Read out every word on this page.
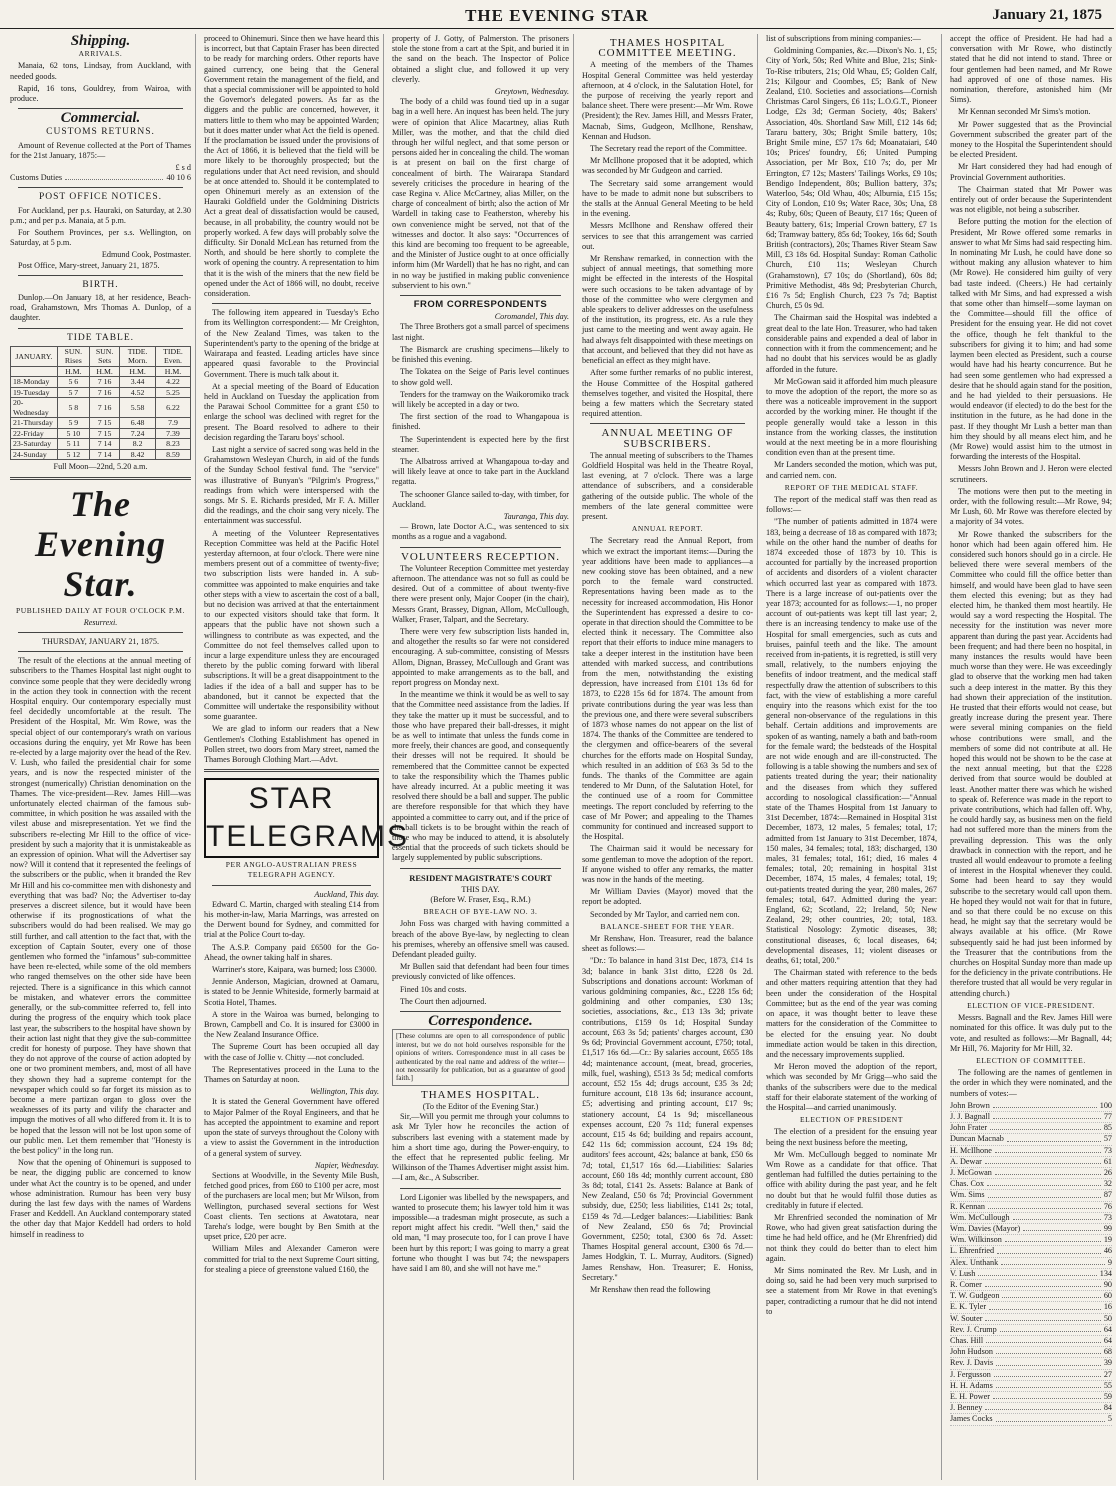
THE EVENING STAR	January 21, 1875
Shipping.
ARRIVALS.

Manaia, 62 tons, Lindsay, from Auckland, with needed goods.

Rapid, 16 tons, Gouldrey, from Wairoa, with produce.

Commercial.
CUSTOMS RETURNS.

Amount of Revenue collected at the Port of Thames for the 21st January, 1875:—

£ s d
Customs Duties	40 10 6
POST OFFICE NOTICES.

For Auckland, per p.s. Hauraki, on Saturday, at 2.30 p.m.; and per p.s. Manaia, at 5 p.m.

For Southern Provinces, per s.s. Wellington, on Saturday, at 5 p.m.

Edmund Cook, Postmaster.

Post Office, Mary-street, January 21, 1875.

BIRTH.

Dunlop.—On January 18, at her residence, Beach-road, Grahamstown, Mrs Thomas A. Dunlop, of a daughter.

TIDE TABLE.
JANUARY.	SUN. Rises	SUN. Sets	TIDE. Morn.	TIDE. Even.
	H.M.	H.M.	H.M.	H.M.
18-Monday	5 6	7 16	3.44	4.22
19-Tuesday	5 7	7 16	4.52	5.25
20-Wednesday	5 8	7 16	5.58	6.22
21-Thursday	5 9	7 15	6.48	7.9
22-Friday	5 10	7 15	7.24	7.39
23-Saturday	5 11	7 14	8.2	8.23
24-Sunday	5 12	7 14	8.42	8.59
Full Moon—22nd, 5.20 a.m.
The Evening Star.
PUBLISHED DAILY AT FOUR O'CLOCK P.M.
Resurrexi.
THURSDAY, JANUARY 21, 1875.

The result of the elections at the annual meeting of subscribers to the Thames Hospital last night ought to convince some people that they were decidedly wrong in the action they took in connection with the recent Hospital enquiry. Our contemporary especially must feel decidedly uncomfortable at the result. The President of the Hospital, Mr. Wm Rowe, was the special object of our contemporary's wrath on various occasions during the enquiry, yet Mr Rowe has been re-elected by a large majority over the head of the Rev. V. Lush, who failed the presidential chair for some years, and is now the respected minister of the strongest (numerically) Christian denomination on the Thames. The vice-president—Rev. James Hill—was unfortunately elected chairman of the famous sub-committee, in which position he was assailed with the vilest abuse and misrepresentation. Yet we find the subscribers re-electing Mr Hill to the office of vice-president by such a majority that it is unmistakeable as an expression of opinion. What will the Advertiser say now? Will it contend that it represented the feelings of the subscribers or the public, when it branded the Rev Mr Hill and his co-committee men with dishonesty and everything that was bad? No; the Advertiser to-day preserves a discreet silence, but it would have been otherwise if its prognostications of what the subscribers would do had been realised. We may go still further, and call attention to the fact that, with the exception of Captain Souter, every one of those gentlemen who formed the "infamous" sub-committee have been re-elected, while some of the old members who ranged themselves on the other side have been rejected. There is a significance in this which cannot be mistaken, and whatever errors the committee generally, or the sub-committee referred to, fell into during the progress of the enquiry which took place last year, the subscribers to the hospital have shown by their action last night that they give the sub-committee credit for honesty of purpose. They have shown that they do not approve of the course of action adopted by one or two prominent members, and, most of all have they shown they had a supreme contempt for the newspaper which could so far forget its mission as to become a mere partizan organ to gloss over the weaknesses of its party and vilify the character and impugn the motives of all who differed from it. It is to be hoped that the lesson will not be lost upon some of our public men. Let them remember that "Honesty is the best policy" in the long run.

Now that the opening of Ohinemuri is supposed to be near, the digging public are concerned to know under what Act the country is to be opened, and under whose administration. Rumour has been very busy during the last few days with the names of Wardens Fraser and Keddell. An Auckland contemporary stated the other day that Major Keddell had orders to hold himself in readiness to

proceed to Ohinemuri. Since then we have heard this is incorrect, but that Captain Fraser has been directed to be ready for marching orders. Other reports have gained currency, one being that the General Government retain the management of the field, and that a special commissioner will be appointed to hold the Governor's delegated powers. As far as the diggers and the public are concerned, however, it matters little to them who may be appointed Warden; but it does matter under what Act the field is opened. If the proclamation be issued under the provisions of the Act of 1866, it is believed that the field will be more likely to be thoroughly prospected; but the regulations under that Act need revision, and should be at once attended to. Should it be contemplated to open Ohinemuri merely as an extension of the Hauraki Goldfield under the Goldmining Districts Act a great deal of dissatisfaction would be caused, because, in all probability, the country would not be properly worked. A few days will probably solve the difficulty. Sir Donald McLean has returned from the North, and should be here shortly to complete the work of opening the country. A representation to him that it is the wish of the miners that the new field be opened under the Act of 1866 will, no doubt, receive consideration.

The following item appeared in Tuesday's Echo from its Wellington correspondent:— Mr Creighton, of the New Zealand Times, was taken to the Superintendent's party to the opening of the bridge at Wairarapa and feasted. Leading articles have since appeared quasi favorable to the Provincial Government. There is much talk about it.

At a special meeting of the Board of Education held in Auckland on Tuesday the application from the Parawai School Committee for a grant £50 to enlarge the school was declined with regret for the present. The Board resolved to adhere to their decision regarding the Tararu boys' school.

Last night a service of sacred song was held in the Grahamstown Wesleyan Church, in aid of the funds of the Sunday School festival fund. The "service" was illustrative of Bunyan's "Pilgrim's Progress," readings from which were interspersed with the songs. Mr S. E. Richards presided, Mr F. A. Miller did the readings, and the choir sang very nicely. The entertainment was successful.

A meeting of the Volunteer Representatives Reception Committee was held at the Pacific Hotel yesterday afternoon, at four o'clock. There were nine members present out of a committee of twenty-five; two subscription lists were handed in. A sub-committee was appointed to make enquiries and take other steps with a view to ascertain the cost of a ball, but no decision was arrived at that the entertainment to our expected visitors should take that form. It appears that the public have not shown such a willingness to contribute as was expected, and the Committee do not feel themselves called upon to incur a large expenditure unless they are encouraged thereto by the public coming forward with liberal subscriptions. It will be a great disappointment to the ladies if the idea of a ball and supper has to be abandoned, but it cannot be expected that the Committee will undertake the responsibility without some guarantee.

We are glad to inform our readers that a New Gentlemen's Clothing Establishment has opened in Pollen street, two doors from Mary street, named the Thames Borough Clothing Mart.—Advt.

STAR TELEGRAMS
PER ANGLO-AUSTRALIAN PRESS TELEGRAPH AGENCY.
Auckland, This day.

Edward C. Martin, charged with stealing £14 from his mother-in-law, Maria Marrings, was arrested on the Derwent bound for Sydney, and committed for trial at the Police Court to-day.

The A.S.P. Company paid £6500 for the Go-Ahead, the owner taking half in shares.

Warriner's store, Kaipara, was burned; loss £3000.

Jennie Anderson, Magician, drowned at Oamaru, is stated to be Jennie Whiteside, formerly barmaid at Scotia Hotel, Thames.

A store in the Wairoa was burned, belonging to Brown, Campbell and Co. It is insured for £3000 in the New Zealand Insurance Office.

The Supreme Court has been occupied all day with the case of Jollie v. Chitty —not concluded.

The Representatives proceed in the Luna to the Thames on Saturday at noon.

Wellington, This day.

It is stated the General Government have offered to Major Palmer of the Royal Engineers, and that he has accepted the appointment to examine and report upon the state of surveys throughout the Colony with a view to assist the Government in the introduction of a general system of survey.

Napier, Wednesday.

Sections at Woodville, in the Seventy Mile Bush, fetched good prices, from £60 to £100 per acre, most of the purchasers are local men; but Mr Wilson, from Wellington, purchased several sections for West Coast clients. Ten sections at Awatotara, near Tareha's lodge, were bought by Ben Smith at the upset price, £20 per acre.

William Miles and Alexander Cameron were committed for trial to the next Supreme Court sitting, for stealing a piece of greenstone valued £160, the

property of J. Gotty, of Palmerston. The prisoners stole the stone from a cart at the Spit, and buried it in the sand on the beach. The Inspector of Police obtained a slight clue, and followed it up very cleverly.

Greytown, Wednesday.

The body of a child was found tied up in a sugar bag in a well here. An inquest has been held. The jury were of opinion that Alice Macartney, alias Ruth Miller, was the mother, and that the child died through her wilful neglect, and that some person or persons aided her in concealing the child. The woman is at present on bail on the first charge of concealment of birth. The Wairarapa Standard severely criticises the procedure in hearing of the case Regina v. Alice McCartney, alias Miller, on the charge of concealment of birth; also the action of Mr Wardell in taking case to Featherston, whereby his own convenience might be served, not that of the witnesses and doctor. It also says: "Occurrences of this kind are becoming too frequent to be agreeable, and the Minister of Justice ought to at once officially inform him (Mr Wardell) that he has no right, and can in no way be justified in making public convenience subservient to his own."

FROM CORRESPONDENTS
Coromandel, This day.

The Three Brothers got a small parcel of specimens last night.

The Bismarck are crushing specimens—likely to be finished this evening.

The Tokatea on the Seige of Paris level continues to show gold well.

Tenders for the tramway on the Waikoromiko track will likely be accepted in a day or two.

The first section of the road to Whangapoua is finished.

The Superintendent is expected here by the first steamer.

The Albatross arrived at Whangapoua to-day and will likely leave at once to take part in the Auckland regatta.

The schooner Glance sailed to-day, with timber, for Auckland.

Tauranga, This day.

— Brown, late Doctor A.C., was sentenced to six months as a rogue and a vagabond.

VOLUNTEERS RECEPTION.

The Volunteer Reception Committee met yesterday afternoon. The attendance was not so full as could be desired. Out of a committee of about twenty-five there were present only, Major Cooper (in the chair), Messrs Grant, Brassey, Dignan, Allom, McCullough, Walker, Fraser, Talpart, and the Secretary.

There were very few subscription lists handed in, and altogether the results so far were not considered encouraging. A sub-committee, consisting of Messrs Allom, Dignan, Brassey, McCullough and Grant was appointed to make arrangements as to the ball, and report progress on Monday next.

In the meantime we think it would be as well to say that the Committee need assistance from the ladies. If they take the matter up it must be successful, and to those who have prepared their ball-dresses, it might be as well to intimate that unless the funds come in more freely, their chances are good, and consequently their dresses will not be required. It should be remembered that the Committee cannot be expected to take the responsibility which the Thames public have already incurred. At a public meeting it was resolved there should be a ball and supper. The public are therefore responsible for that which they have appointed a committee to carry out, and if the price of the ball tickets is to be brought within the reach of those who may be induced to attend, it is absolutely essential that the proceeds of such tickets should be largely supplemented by public subscriptions.

RESIDENT MAGISTRATE'S COURT
THIS DAY.
(Before W. Fraser, Esq., R.M.)
BREACH OF BYE-LAW NO. 3.

John Foss was charged with having committed a breach of the above Bye-law, by neglecting to clean his premises, whereby an offensive smell was caused. Defendant pleaded guilty.

Mr Bullen said that defendant had been four times previously convicted of like offences.

Fined 10s and costs.

The Court then adjourned.

Correspondence.
[These columns are open to all correspondence of public interest, but we do not hold ourselves responsible for the opinions of writers. Correspondence must in all cases be authenticated by the real name and address of the writer—not necessarily for publication, but as a guarantee of good faith.]
THAMES HOSPITAL.
(To the Editor of the Evening Star.)

Sir,—Will you permit me through your columns to ask Mr Tyler how he reconciles the action of subscribers last evening with a statement made by him a short time ago, during the Power-enquiry, to the effect that he represented public feeling. Mr Wilkinson of the Thames Advertiser might assist him.—I am, &c., A Subscriber.

Lord Ligonier was libelled by the newspapers, and wanted to prosecute them; his lawyer told him it was impossible—a tradesman might prosecute, as such a report might affect his credit. "Well then," said the old man, "I may prosecute too, for I can prove I have been hurt by this report; I was going to marry a great fortune who thought I was but 74; the newspapers have said I am 80, and she will not have me."

THAMES HOSPITAL COMMITTEE MEETING.

A meeting of the members of the Thames Hospital General Committee was held yesterday afternoon, at 4 o'clock, in the Salutation Hotel, for the purpose of receiving the yearly report and balance sheet. There were present:—Mr Wm. Rowe (President); the Rev. James Hill, and Messrs Frater, Macnab, Sims, Gudgeon, McIlhone, Renshaw, Kennan and Hudson.

The Secretary read the report of the Committee.

Mr McIlhone proposed that it be adopted, which was seconded by Mr Gudgeon and carried.

The Secretary said some arrangement would have to be made to admit none but subscribers to the stalls at the Annual General Meeting to be held in the evening.

Messrs McIlhone and Renshaw offered their services to see that this arrangement was carried out.

Mr Renshaw remarked, in connection with the subject of annual meetings, that something more might be effected in the interests of the Hospital were such occasions to be taken advantage of by those of the committee who were clergymen and able speakers to deliver addresses on the usefulness of the institution, its progress, etc. As a rule they just came to the meeting and went away again. He had always felt disappointed with these meetings on that account, and believed that they did not have as beneficial an effect as they might have.

After some further remarks of no public interest, the House Committee of the Hospital gathered themselves together, and visited the Hospital, there being a few matters which the Secretary stated required attention.

ANNUAL MEETING OF SUBSCRIBERS.

The annual meeting of subscribers to the Thames Goldfield Hospital was held in the Theatre Royal, last evening, at 7 o'clock. There was a large attendance of subscribers, and a considerable gathering of the outside public. The whole of the members of the late general committee were present.

ANNUAL REPORT.

The Secretary read the Annual Report, from which we extract the important items:—During the year additions have been made to appliances—a new cooking stove has been obtained, and a new porch to the female ward constructed. Representations having been made as to the necessity for increased accommodation, His Honor the Superintendent has expressed a desire to co-operate in that direction should the Committee to be elected think it necessary. The Committee also report that their efforts to induce mine managers to take a deeper interest in the institution have been attended with marked success, and contributions from the men, notwithstanding the existing depression, have increased from £101 13s 6d for 1873, to £228 15s 6d for 1874. The amount from private contributions during the year was less than the previous one, and there were several subscribers of 1873 whose names do not appear on the list of 1874. The thanks of the Committee are tendered to the clergymen and office-bearers of the several churches for the efforts made on Hospital Sunday, which resulted in an addition of £63 3s 5d to the funds. The thanks of the Committee are again tendered to Mr Dunn, of the Salutation Hotel, for the continued use of a room for Committee meetings. The report concluded by referring to the case of Mr Power; and appealing to the Thames community for continued and increased support to the Hospital.

The Chairman said it would be necessary for some gentleman to move the adoption of the report. If anyone wished to offer any remarks, the matter was now in the hands of the meeting.

Mr William Davies (Mayor) moved that the report be adopted.

Seconded by Mr Taylor, and carried nem con.

BALANCE-SHEET FOR THE YEAR.

Mr Renshaw, Hon. Treasurer, read the balance sheet as follows:—

"Dr.: To balance in hand 31st Dec, 1873, £14 1s 3d; balance in bank 31st ditto, £228 0s 2d. Subscriptions and donations account: Workman of various goldmining companies, &c., £228 15s 6d; goldmining and other companies, £30 13s; societies, associations, &c., £13 13s 3d; private contributions, £159 0s 1d; Hospital Sunday account, £63 3s 5d; patients' charges account, £30 9s 6d; Provincial Government account, £750; total, £1,517 16s 6d.—Cr.: By salaries account, £655 18s 4d; maintenance account, (meat, bread, groceries, milk, fuel, washing), £513 3s 5d; medical comforts account, £52 15s 4d; drugs account, £35 3s 2d; furniture account, £18 13s 6d; insurance account, £5; advertising and printing account, £17 9s; stationery account, £4 1s 9d; miscellaneous expenses account, £20 7s 11d; funeral expenses account, £15 4s 6d; building and repairs account, £42 11s 6d; commission account, £24 19s 8d; auditors' fees account, 42s; balance at bank, £50 6s 7d; total, £1,517 16s 6d.—Liabilities: Salaries account, £60 18s 4d; monthly current account, £80 3s 8d; total, £141 2s. Assets: Balance at Bank of New Zealand, £50 6s 7d; Provincial Government subsidy, due, £250; less liabilities, £141 2s; total, £159 4s 7d.—Ledger balances:—Liabilities: Bank of New Zealand, £50 6s 7d; Provincial Government, £250; total, £300 6s 7d. Asset: Thames Hospital general account, £300 6s 7d.—James Hodgkin, T. L. Murray, Auditors. (Signed) James Renshaw, Hon. Treasurer; E. Honiss, Secretary."

Mr Renshaw then read the following

list of subscriptions from mining companies:—

Goldmining Companies, &c.—Dixon's No. 1, £5; City of York, 50s; Red White and Blue, 21s; Sink-To-Rise tributers, 21s; Old Whau, £5; Golden Calf, 21s; Kilgour and Coombes, £5; Bank of New Zealand, £10. Societies and associations—Cornish Christmas Carol Singers, £6 11s; L.O.G.T., Pioneer Lodge, £2s 3d; German Society, 40s; Bakers' Association, 40s. Shortland Saw Mill, £12 14s 6d; Tararu battery, 30s; Bright Smile battery, 10s; Bright Smile mine, £57 17s 6d; Moanataiari, £40 10s; Prices' foundry, £6; United Pumping Association, per Mr Box, £10 7s; do, per Mr Errington, £7 12s; Masters' Tailings Works, £9 10s; Bendigo Independent, 80s; Bullion battery, 37s; Waterloo, 54s; Old Whau, 40s; Alburnia, £15 15s; City of London, £10 9s; Water Race, 30s; Una, £8 4s; Ruby, 60s; Queen of Beauty, £17 16s; Queen of Beauty battery, 61s; Imperial Crown battery, £7 1s 6d; Tramway battery, 85s 6d; Tookey, 16s 6d; South British (contractors), 20s; Thames River Steam Saw Mill, £3 18s 6d. Hospital Sunday: Roman Catholic Church, £10 11s; Wesleyan Church (Grahamstown), £7 10s; do (Shortland), 60s 8d; Primitive Methodist, 48s 9d; Presbyterian Church, £16 7s 5d; English Church, £23 7s 7d; Baptist Church, £5 0s 9d.

The Chairman said the Hospital was indebted a great deal to the late Hon. Treasurer, who had taken considerable pains and expended a deal of labor in connection with it from the commencement; and he had no doubt that his services would be as gladly afforded in the future.

Mr McGowan said it afforded him much pleasure to move the adoption of the report, the more so as there was a noticeable improvement in the support accorded by the working miner. He thought if the people generally would take a lesson in this instance from the working classes, the institution would at the next meeting be in a more flourishing condition even than at the present time.

Mr Landers seconded the motion, which was put, and carried nem. con.

REPORT OF THE MEDICAL STAFF.

The report of the medical staff was then read as follows:—

"The number of patients admitted in 1874 were 183, being a decrease of 18 as compared with 1873; while on the other hand the number of deaths for 1874 exceeded those of 1873 by 10. This is accounted for partially by the increased proportion of accidents and disorders of a violent character which occurred last year as compared with 1873. There is a large increase of out-patients over the year 1873; accounted for as follows:—1, no proper account of out-patients was kept till last year; 2, there is an increasing tendency to make use of the Hospital for small emergencies, such as cuts and bruises, painful teeth and the like. The amount received from in-patients, it is regretted, is still very small, relatively, to the numbers enjoying the benefits of indoor treatment, and the medical staff respectfully draw the attention of subscribers to this fact, with the view of establishing a more careful enquiry into the reasons which exist for the too general non-observance of the regulations in this behalf. Certain additions and improvements are spoken of as wanting, namely a bath and bath-room for the female ward; the bedsteads of the Hospital are not wide enough and are ill-constructed. The following is a table showing the numbers and sex of patients treated during the year; their nationality and the diseases from which they suffered according to nosological classification:—"Annual state of the Thames Hospital from 1st January to 31st December, 1874:—Remained in Hospital 31st December, 1873, 12 males, 5 females; total, 17; admitted from 1st January to 31st December, 1874, 150 males, 34 females; total, 183; discharged, 130 males, 31 females; total, 161; died, 16 males 4 females; total, 20; remaining in hospital 31st December, 1874, 15 males, 4 females; total, 19; out-patients treated during the year, 280 males, 267 females; total, 647. Admitted during the year: England, 62; Scotland, 22; Ireland, 50; New Zealand, 29; other countries, 20; total, 183. Statistical Nosology: Zymotic diseases, 38; constitutional diseases, 6; local diseases, 64; developmental diseases, 11; violent diseases or deaths, 61; total, 200."

The Chairman stated with reference to the beds and other matters requiring attention that they had been under the consideration of the Hospital Committee; but as the end of the year was coming on apace, it was thought better to leave these matters for the consideration of the Committee to be elected for the ensuing year. No doubt immediate action would be taken in this direction, and the necessary improvements supplied.

Mr Heron moved the adoption of the report, which was seconded by Mr Grigg—who said the thanks of the subscribers were due to the medical staff for their elaborate statement of the working of the Hospital—and carried unanimously.

ELECTION OF PRESIDENT

The election of a president for the ensuing year being the next business before the meeting,

Mr Wm. McCullough begged to nominate Mr Wm Rowe as a candidate for that office. That gentleman had fulfilled the duties pertaining to the office with ability during the past year, and he felt no doubt but that he would fulfil those duties as creditably in future if elected.

Mr Ehrenfried seconded the nomination of Mr Rowe, who had given great satisfaction during the time he had held office, and he (Mr Ehrenfried) did not think they could do better than to elect him again.

Mr Sims nominated the Rev. Mr Lush, and in doing so, said he had been very much surprised to see a statement from Mr Rowe in that evening's paper, contradicting a rumour that he did not intend to

accept the office of President. He had had a conversation with Mr Rowe, who distinctly stated that he did not intend to stand. Three or four gentlemen had been named, and Mr Rowe had approved of one of those names. His nomination, therefore, astonished him (Mr Sims).

Mr Kennan seconded Mr Sims's motion.

Mr Power suggested that as the Provincial Government subscribed the greater part of the money to the Hospital the Superintendent should be elected President.

Mr Hart considered they had had enough of Provincial Government authorities.

The Chairman stated that Mr Power was entirely out of order because the Superintendent was not eligible, not being a subscriber.

Before putting the motion for the election of President, Mr Rowe offered some remarks in answer to what Mr Sims had said respecting him. In nominating Mr Lush, he could have done so without making any allusion whatever to him (Mr Rowe). He considered him guilty of very bad taste indeed. (Cheers.) He had certainly talked with Mr Sims, and had expressed a wish that some other than himself—some layman on the Committee—should fill the office of President for the ensuing year. He did not covet the office, though he felt thankful to the subscribers for giving it to him; and had some laymen been elected as President, such a course would have had his hearty concurrence. But he had seen some gentlemen who had expressed a desire that he should again stand for the position, and he had yielded to their persuasions. He would endeavor (if elected) to do the best for the institution in the future, as he had done in the past. If they thought Mr Lush a better man than him they should by all means elect him, and he (Mr Rowe) would assist him to the utmost in forwarding the interests of the Hospital.

Messrs John Brown and J. Heron were elected scrutineers.

The motions were then put to the meeting in order, with the following result:—Mr Rowe, 94; Mr Lush, 60. Mr Rowe was therefore elected by a majority of 34 votes.

Mr Rowe thanked the subscribers for the honor which had been again offered him. He considered such honors should go in a circle. He believed there were several members of the Committee who could fill the office better than himself, and would have been glad to have seen them elected this evening; but as they had elected him, he thanked them most heartily. He would say a word respecting the Hospital. The necessity for the institution was never more apparent than during the past year. Accidents had been frequent; and had there been no hospital, in many instances the results would have been much worse than they were. He was exceedingly glad to observe that the working men had taken such a deep interest in the matter. By this they had shown their appreciation of the institution. He trusted that their efforts would not cease, but greatly increase during the present year. There were several mining companies on the field whose contributions were small, and the members of some did not contribute at all. He hoped this would not be shown to be the case at the next annual meeting, but that the £228 derived from that source would be doubled at least. Another matter there was which he wished to speak of. Reference was made in the report to private contributions, which had fallen off. Why, he could hardly say, as business men on the field had not suffered more than the miners from the prevailing depression. This was the only drawback in connection with the report, and he trusted all would endeavour to promote a feeling of interest in the Hospital whenever they could. Some had been heard to say they would subscribe to the secretary would call upon them. He hoped they would not wait for that in future, and so that there could be no excuse on this head, he might say that the secretary would be always available at his office. (Mr Rowe subsequently said he had just been informed by the Treasurer that the contributions from the churches on Hospital Sunday more than made up for the deficiency in the private contributions. He therefore trusted that all would be very regular in attending church.)

ELECTION OF VICE-PRESIDENT.

Messrs. Bagnall and the Rev. James Hill were nominated for this office. It was duly put to the vote, and resulted as follows:—Mr Bagnall, 44; Mr Hill, 76. Majority for Mr Hill, 32.

ELECTION OF COMMITTEE.

The following are the names of gentlemen in the order in which they were nominated, and the numbers of votes:—

John Brown	100
J. J. Bagnall	77
John Frater	85
Duncan Macnab	57
H. McIlhone	73
A. Dewar	61
J. McGowan	26
Chas. Cox	32
Wm. Sims	87
R. Kennan	76
Wm. McCullough	73
Wm. Davies (Mayor)	99
Wm. Wilkinson	19
L. Ehrenfried	46
Alex. Unthank	9
V. Lush	134
R. Comer	90
T. W. Gudgeon	60
E. K. Tyler	16
W. Souter	50
Rev. J. Crump	64
Chas. Hill	64
John Hudson	68
Rev. J. Davis	39
J. Fergusson	27
H. H. Adams	55
E. H. Power	59
J. Benney	84
James Cocks	5
